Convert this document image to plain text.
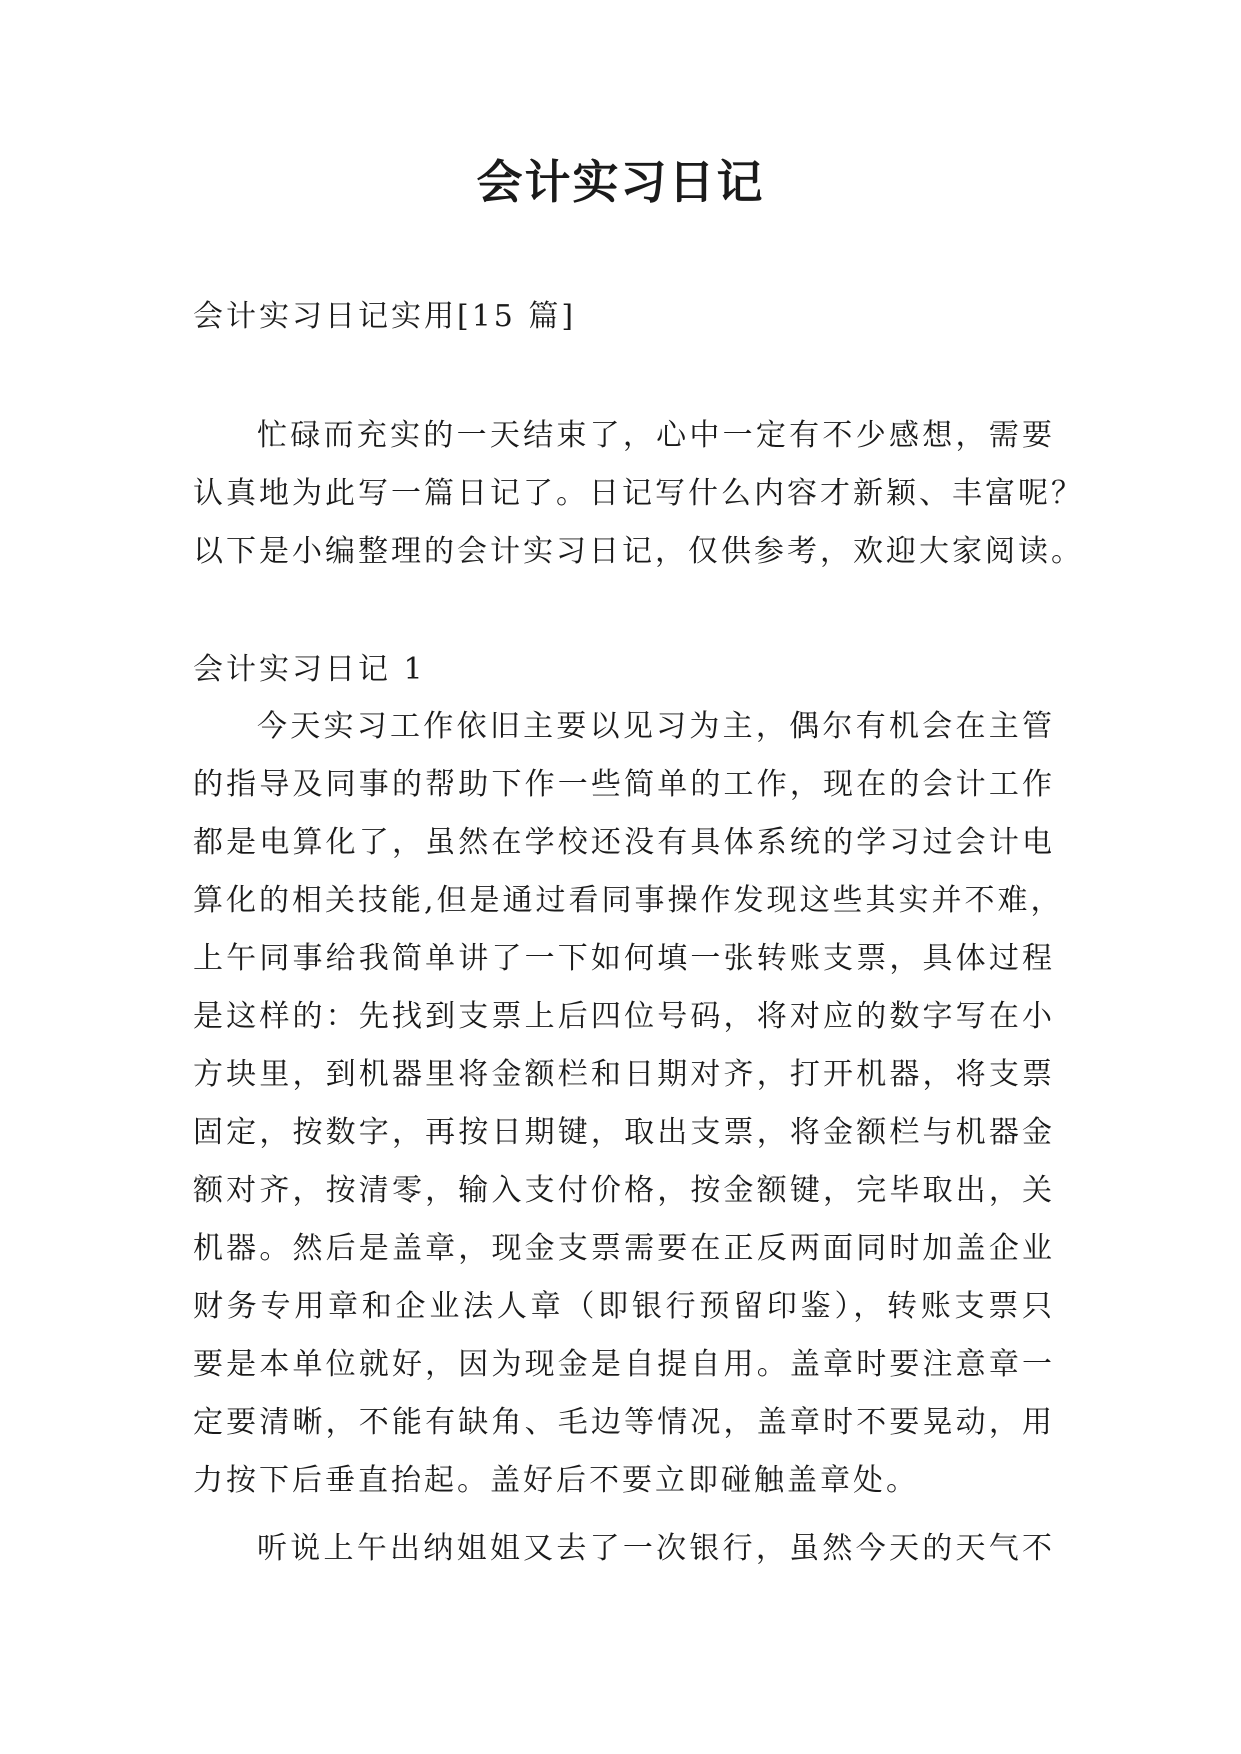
会计实习日记
会计实习日记实用[15 篇]
忙碌而充实的一天结束了，心中一定有不少感想，需要
认真地为此写一篇日记了。日记写什么内容才新颖、丰富呢？
以下是小编整理的会计实习日记，仅供参考，欢迎大家阅读。
会计实习日记 1
今天实习工作依旧主要以见习为主，偶尔有机会在主管
的指导及同事的帮助下作一些简单的工作，现在的会计工作
都是电算化了，虽然在学校还没有具体系统的学习过会计电
算化的相关技能,但是通过看同事操作发现这些其实并不难，
上午同事给我简单讲了一下如何填一张转账支票，具体过程
是这样的：先找到支票上后四位号码，将对应的数字写在小
方块里，到机器里将金额栏和日期对齐，打开机器，将支票
固定，按数字，再按日期键，取出支票，将金额栏与机器金
额对齐，按清零，输入支付价格，按金额键，完毕取出，关
机器。然后是盖章，现金支票需要在正反两面同时加盖企业
财务专用章和企业法人章（即银行预留印鉴），转账支票只
要是本单位就好，因为现金是自提自用。盖章时要注意章一
定要清晰，不能有缺角、毛边等情况，盖章时不要晃动，用
力按下后垂直抬起。盖好后不要立即碰触盖章处。
听说上午出纳姐姐又去了一次银行，虽然今天的天气不
